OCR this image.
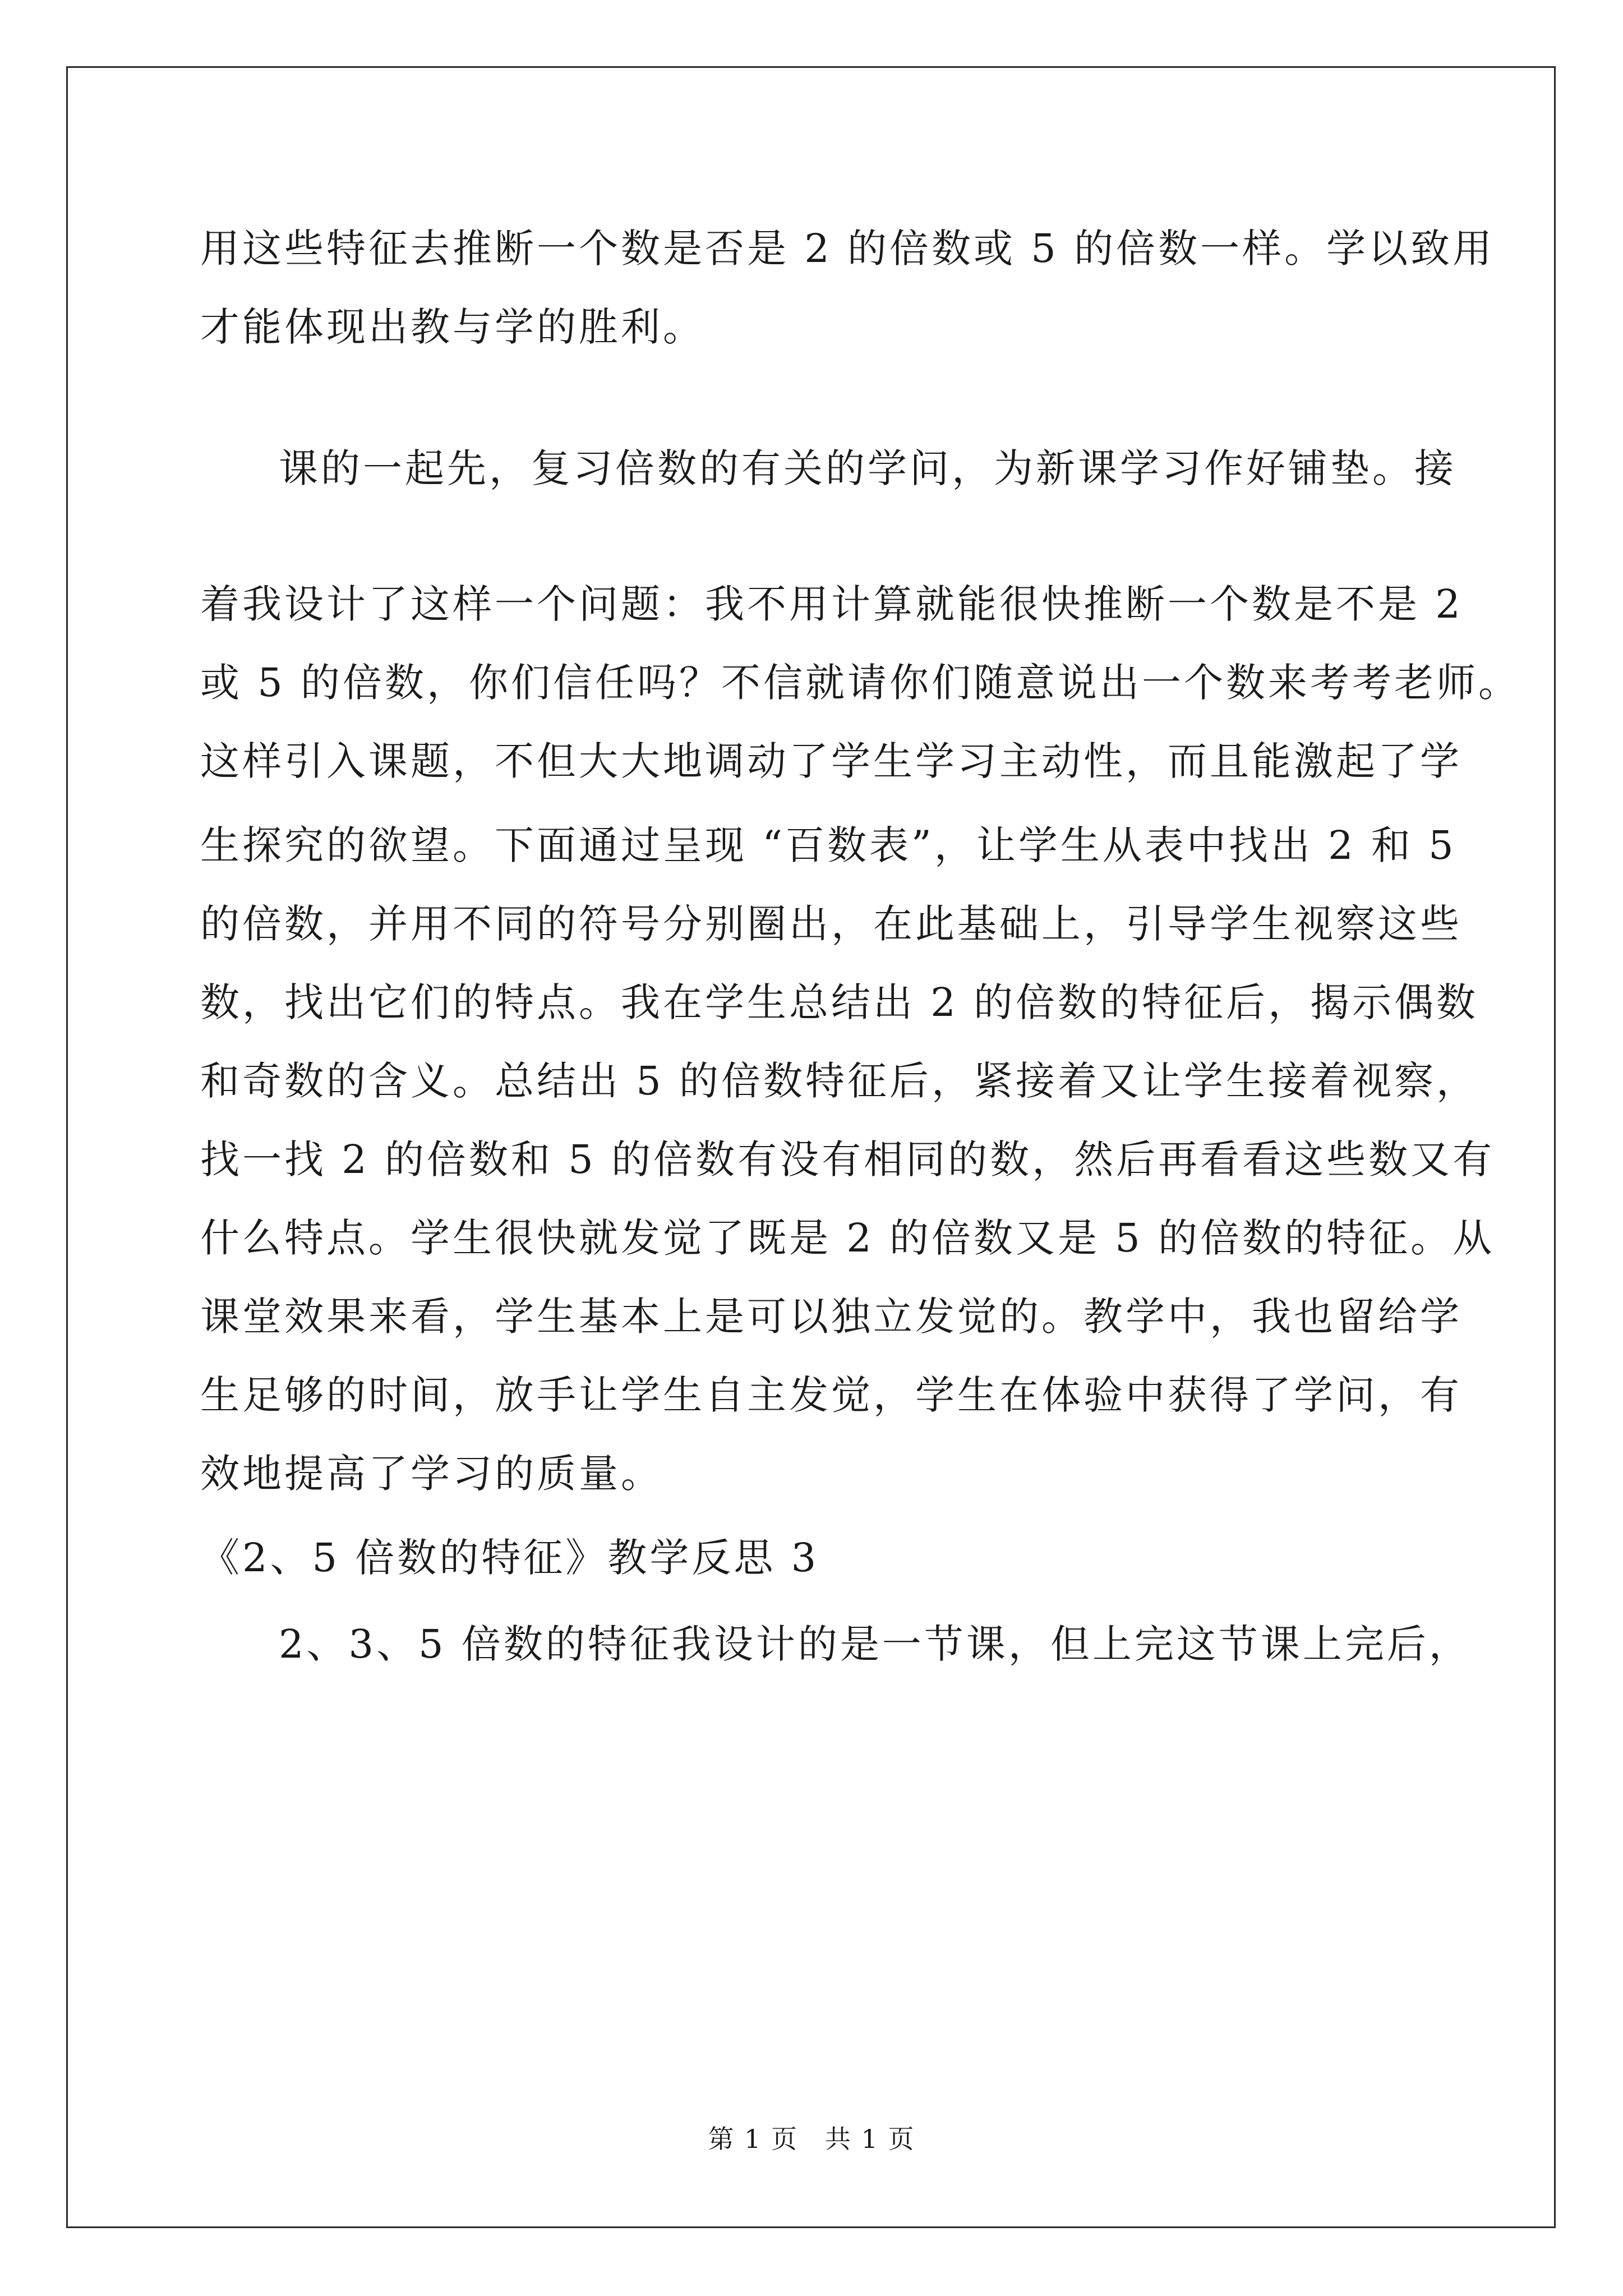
用这些特征去推断一个数是否是 2 的倍数或 5 的倍数一样。学以致用
才能体现出教与学的胜利。
课的一起先，复习倍数的有关的学问，为新课学习作好铺垫。接
着我设计了这样一个问题：我不用计算就能很快推断一个数是不是 2
或 5 的倍数，你们信任吗？不信就请你们随意说出一个数来考考老师。
这样引入课题，不但大大地调动了学生学习主动性，而且能激起了学
生探究的欲望。下面通过呈现 “百数表”，让学生从表中找出 2 和 5
的倍数，并用不同的符号分别圈出，在此基础上，引导学生视察这些
数，找出它们的特点。我在学生总结出 2 的倍数的特征后，揭示偶数
和奇数的含义。总结出 5 的倍数特征后，紧接着又让学生接着视察，
找一找 2 的倍数和 5 的倍数有没有相同的数，然后再看看这些数又有
什么特点。学生很快就发觉了既是 2 的倍数又是 5 的倍数的特征。从
课堂效果来看，学生基本上是可以独立发觉的。教学中，我也留给学
生足够的时间，放手让学生自主发觉，学生在体验中获得了学问，有
效地提高了学习的质量。
《2、5 倍数的特征》教学反思 3
2、3、5 倍数的特征我设计的是一节课，但上完这节课上完后，
第 1 页　共 1 页
